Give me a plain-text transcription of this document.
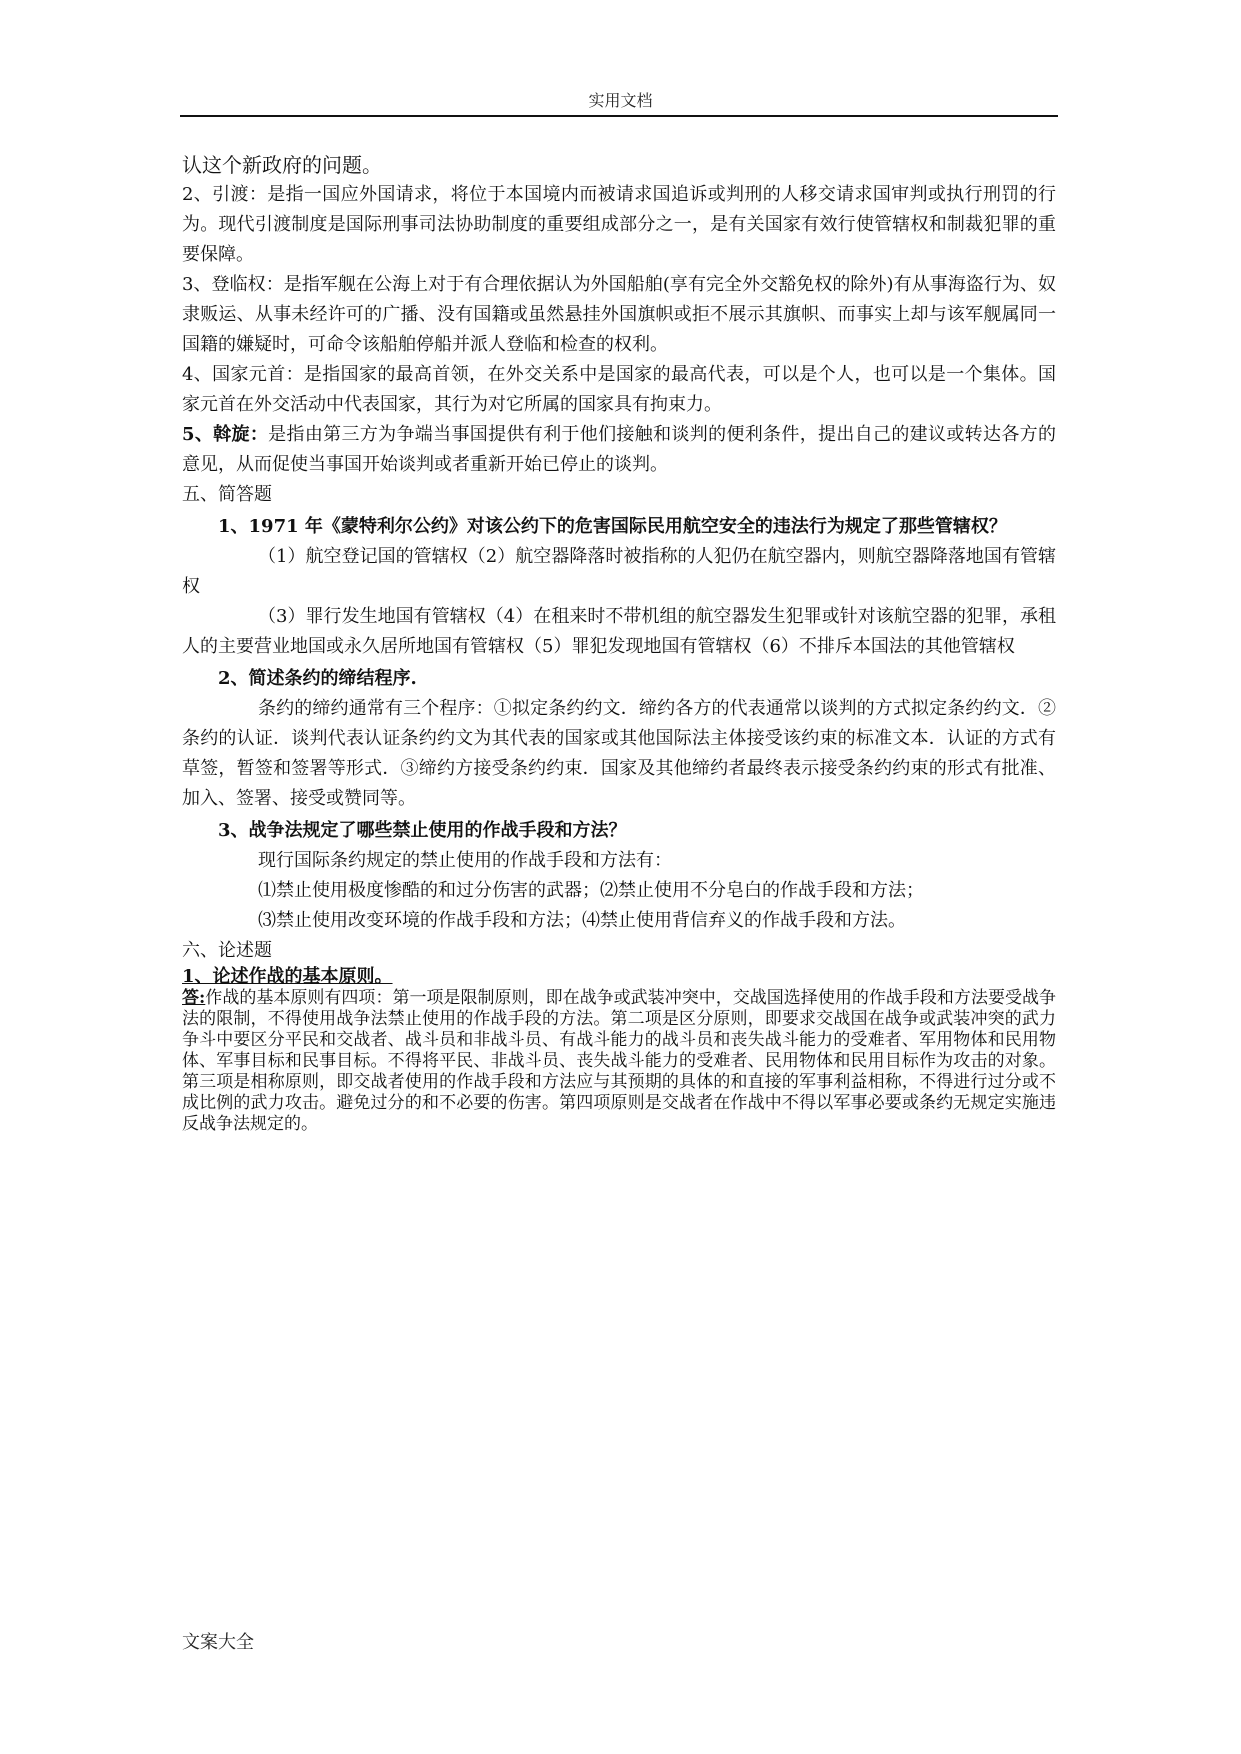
实用文档

认这个新政府的问题。

2、引渡：是指一国应外国请求，将位于本国境内而被请求国追诉或判刑的人移交请求国审判或执行刑罚的行为。现代引渡制度是国际刑事司法协助制度的重要组成部分之一，是有关国家有效行使管辖权和制裁犯罪的重要保障。

3、登临权：是指军舰在公海上对于有合理依据认为外国船舶(享有完全外交豁免权的除外)有从事海盗行为、奴隶贩运、从事未经许可的广播、没有国籍或虽然悬挂外国旗帜或拒不展示其旗帜、而事实上却与该军舰属同一国籍的嫌疑时，可命令该船舶停船并派人登临和检查的权利。

4、国家元首：是指国家的最高首领，在外交关系中是国家的最高代表，可以是个人，也可以是一个集体。国家元首在外交活动中代表国家，其行为对它所属的国家具有拘束力。

5、斡旋：是指由第三方为争端当事国提供有利于他们接触和谈判的便利条件，提出自己的建议或转达各方的意见，从而促使当事国开始谈判或者重新开始已停止的谈判。

五、简答题

1、1971 年《蒙特利尔公约》对该公约下的危害国际民用航空安全的违法行为规定了那些管辖权？

（1）航空登记国的管辖权（2）航空器降落时被指称的人犯仍在航空器内，则航空器降落地国有管辖权

（3）罪行发生地国有管辖权（4）在租来时不带机组的航空器发生犯罪或针对该航空器的犯罪，承租人的主要营业地国或永久居所地国有管辖权（5）罪犯发现地国有管辖权（6）不排斥本国法的其他管辖权

2、简述条约的缔结程序.

条约的缔约通常有三个程序：①拟定条约约文．缔约各方的代表通常以谈判的方式拟定条约约文．②条约的认证．谈判代表认证条约约文为其代表的国家或其他国际法主体接受该约束的标准文本．认证的方式有草签，暂签和签署等形式．③缔约方接受条约约束．国家及其他缔约者最终表示接受条约约束的形式有批准、加入、签署、接受或赞同等。

3、战争法规定了哪些禁止使用的作战手段和方法？

现行国际条约规定的禁止使用的作战手段和方法有：

⑴禁止使用极度惨酷的和过分伤害的武器；⑵禁止使用不分皂白的作战手段和方法；

⑶禁止使用改变环境的作战手段和方法；⑷禁止使用背信弃义的作战手段和方法。

六、论述题

1、论述作战的基本原则。

答:作战的基本原则有四项：第一项是限制原则，即在战争或武装冲突中，交战国选择使用的作战手段和方法要受战争法的限制，不得使用战争法禁止使用的作战手段的方法。第二项是区分原则，即要求交战国在战争或武装冲突的武力争斗中要区分平民和交战者、战斗员和非战斗员、有战斗能力的战斗员和丧失战斗能力的受难者、军用物体和民用物体、军事目标和民事目标。不得将平民、非战斗员、丧失战斗能力的受难者、民用物体和民用目标作为攻击的对象。第三项是相称原则，即交战者使用的作战手段和方法应与其预期的具体的和直接的军事利益相称，不得进行过分或不成比例的武力攻击。避免过分的和不必要的伤害。第四项原则是交战者在作战中不得以军事必要或条约无规定实施违反战争法规定的。

文案大全
